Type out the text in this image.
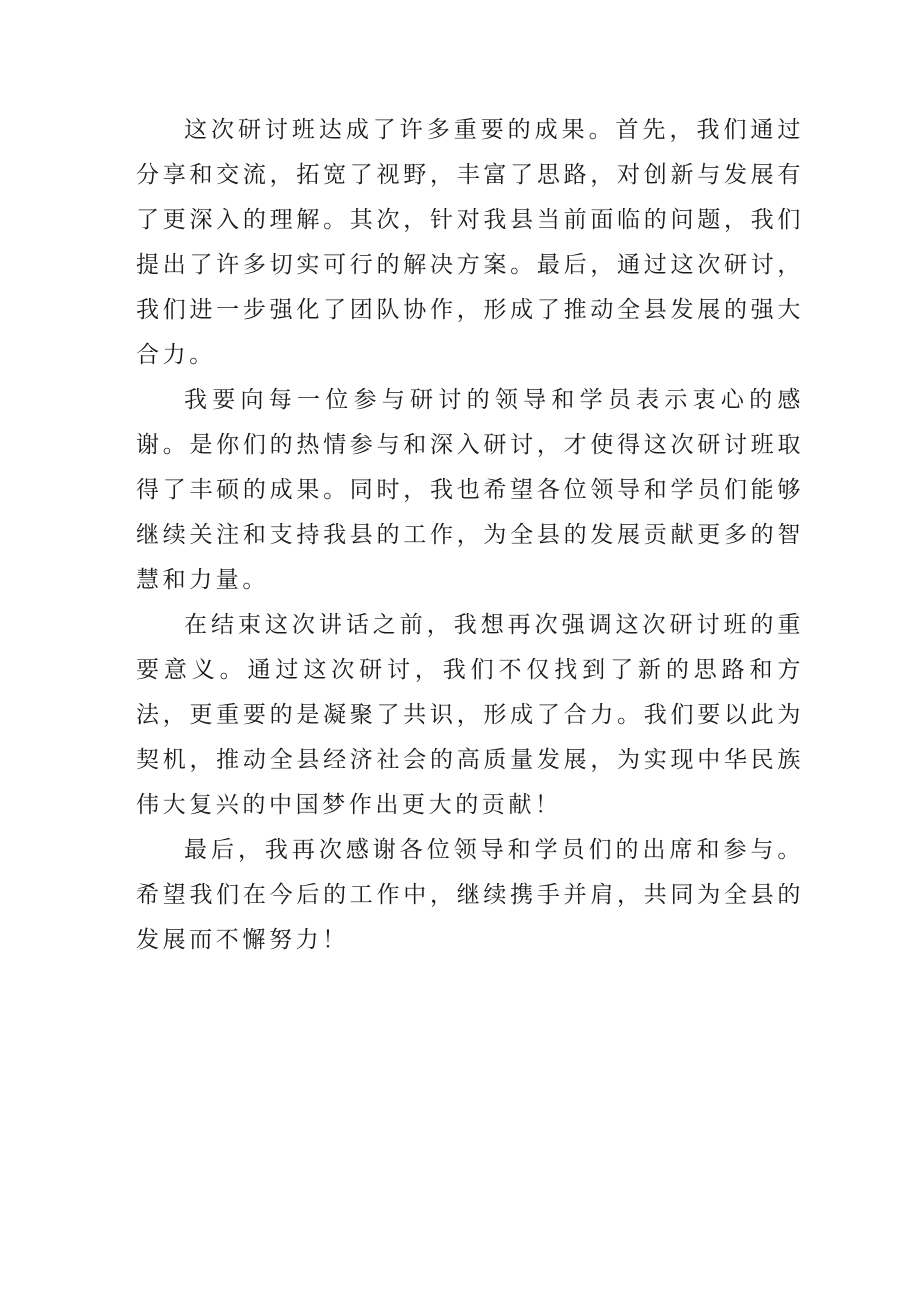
这次研讨班达成了许多重要的成果。首先，我们通过分享和交流，拓宽了视野，丰富了思路，对创新与发展有了更深入的理解。其次，针对我县当前面临的问题，我们提出了许多切实可行的解决方案。最后，通过这次研讨，我们进一步强化了团队协作，形成了推动全县发展的强大合力。

我要向每一位参与研讨的领导和学员表示衷心的感谢。是你们的热情参与和深入研讨，才使得这次研讨班取得了丰硕的成果。同时，我也希望各位领导和学员们能够继续关注和支持我县的工作，为全县的发展贡献更多的智慧和力量。

在结束这次讲话之前，我想再次强调这次研讨班的重要意义。通过这次研讨，我们不仅找到了新的思路和方法，更重要的是凝聚了共识，形成了合力。我们要以此为契机，推动全县经济社会的高质量发展，为实现中华民族伟大复兴的中国梦作出更大的贡献！

最后，我再次感谢各位领导和学员们的出席和参与。希望我们在今后的工作中，继续携手并肩，共同为全县的发展而不懈努力！
